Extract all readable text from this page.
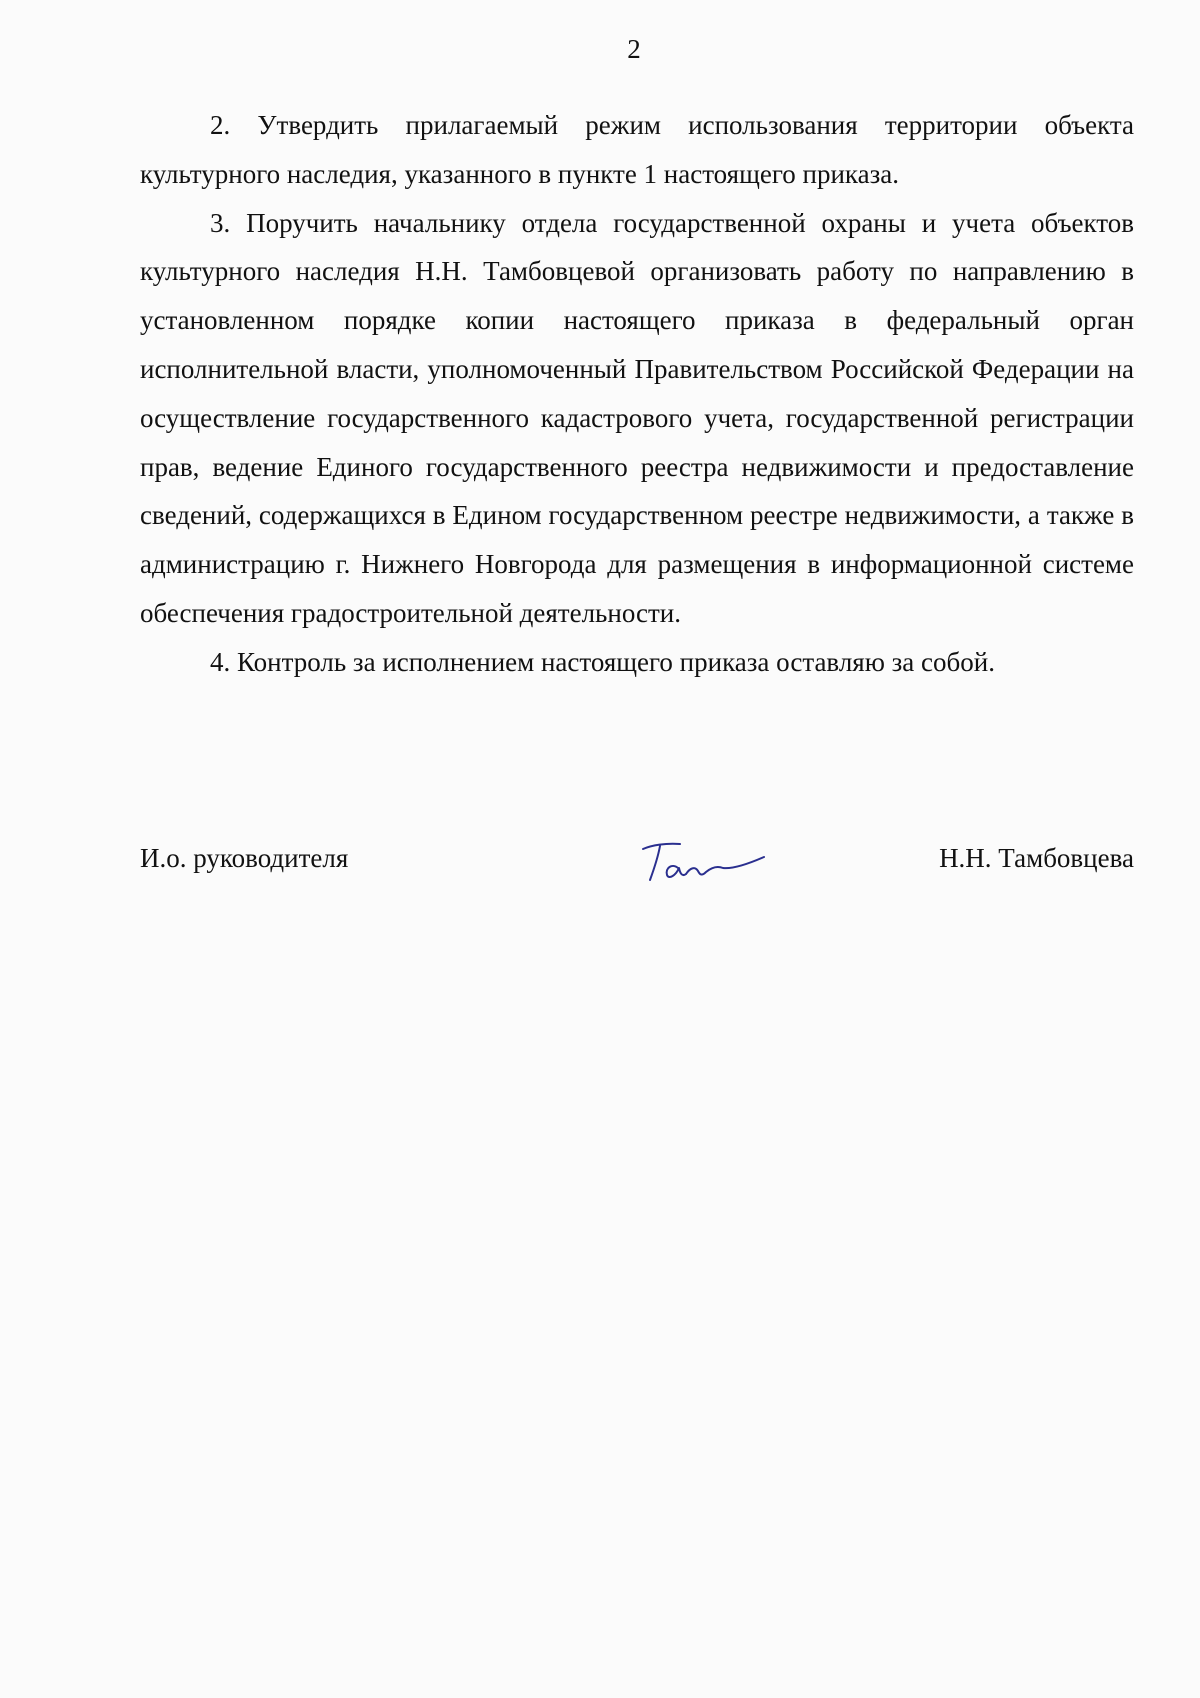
2

2. Утвердить прилагаемый режим использования территории объекта культурного наследия, указанного в пункте 1 настоящего приказа.

3. Поручить начальнику отдела государственной охраны и учета объектов культурного наследия Н.Н. Тамбовцевой организовать работу по направлению в установленном порядке копии настоящего приказа в федеральный орган исполнительной власти, уполномоченный Правительством Российской Федерации на осуществление государственного кадастрового учета, государственной регистрации прав, ведение Единого государственного реестра недвижимости и предоставление сведений, содержащихся в Едином государственном реестре недвижимости, а также в администрацию г. Нижнего Новгорода для размещения в информационной системе обеспечения градостроительной деятельности.

4. Контроль за исполнением настоящего приказа оставляю за собой.

И.о. руководителя	Н.Н. Тамбовцева
